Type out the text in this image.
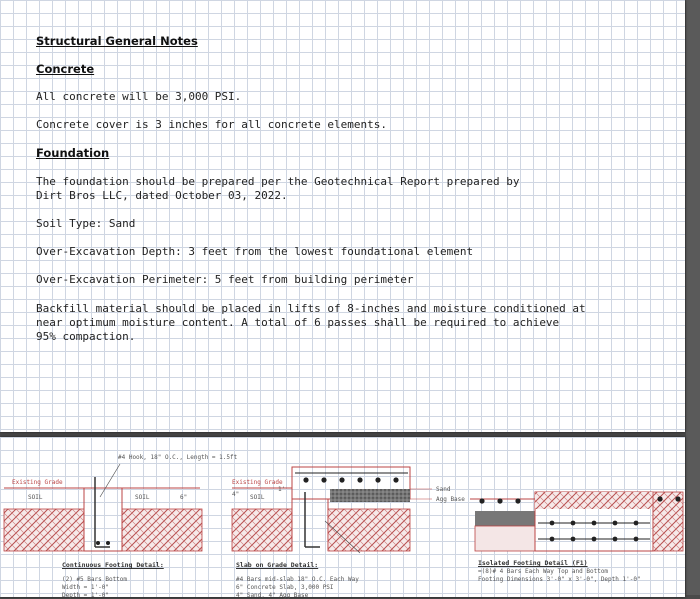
Structural General Notes
Concrete

All concrete will be 3,000 PSI.

Concrete cover is 3 inches for all concrete elements.

Foundation

The foundation should be prepared per the Geotechnical Report prepared by
Dirt Bros LLC, dated October 03, 2022.

Soil Type: Sand

Over-Excavation Depth: 3 feet from the lowest foundational element

Over-Excavation Perimeter: 5 feet from building perimeter

Backfill material should be placed in lifts of 8-inches and moisture conditioned at
near optimum moisture content. A total of 6 passes shall be required to achieve
95% compaction.

#4 Hook, 18" O.C., Length = 1.5ft
Existing Grade
SOIL	SOIL	6"
Continuous Footing Detail:
(2) #5 Bars Bottom
Width = 1'-0"
Depth = 1'-0"
Existing Grade
4"
1'
SOIL
Sand
Agg Base
Slab on Grade Detail:
#4 Bars mid-slab 18" O.C. Each Way
6" Concrete Slab, 3,000 PSI
4" Sand, 4" Agg Base
Isolated Footing Detail (F1)
=(8)# 4 Bars Each Way Top and Bottom
Footing Dimensions 3'-0" x 3'-0", Depth 1'-0"
